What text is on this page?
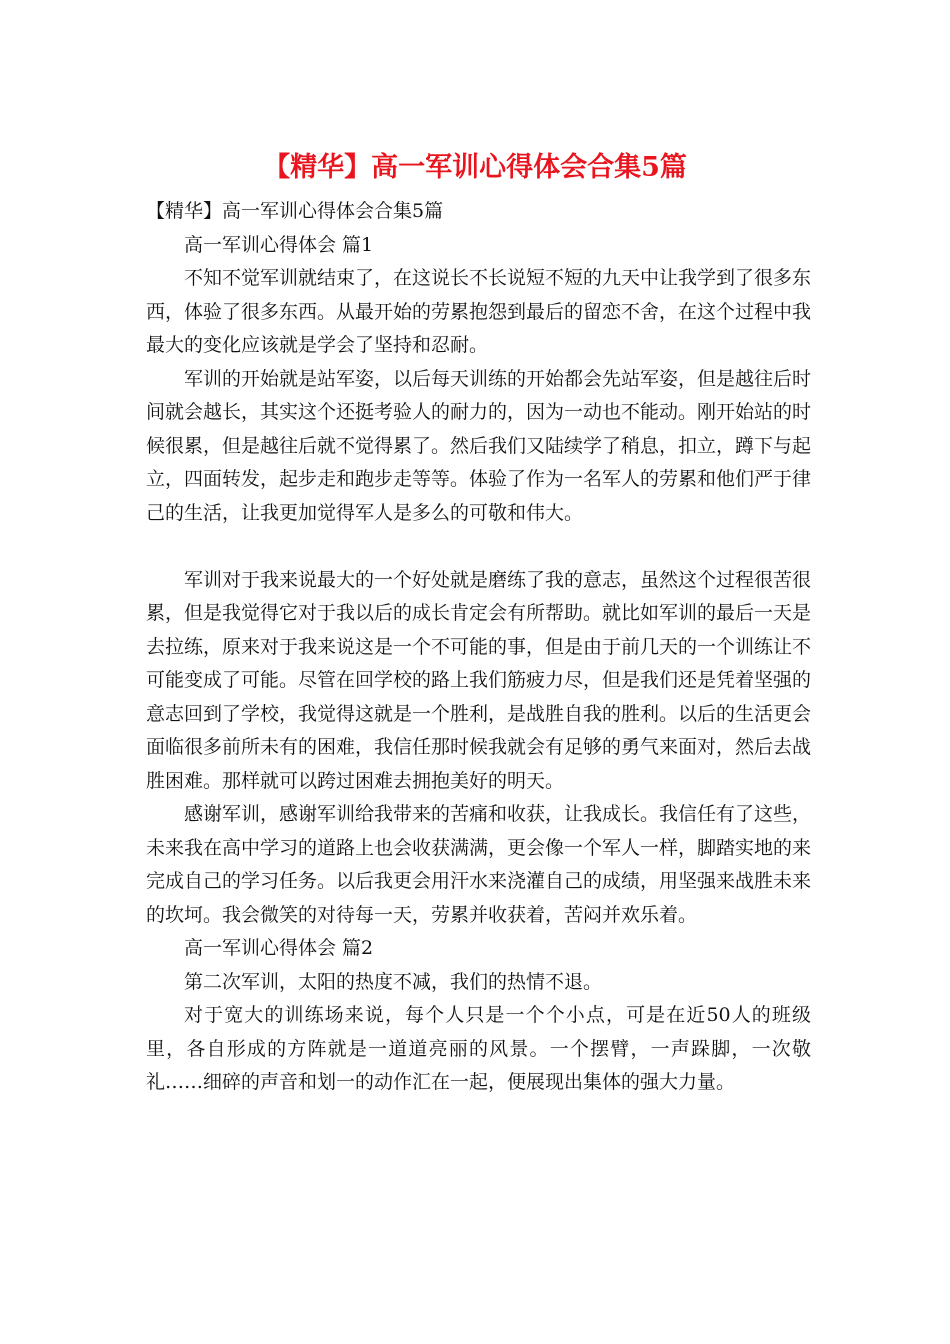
【精华】高一军训心得体会合集5篇

【精华】高一军训心得体会合集5篇

高一军训心得体会 篇1

不知不觉军训就结束了，在这说长不长说短不短的九天中让我学到了很多东西，体验了很多东西。从最开始的劳累抱怨到最后的留恋不舍，在这个过程中我最大的变化应该就是学会了坚持和忍耐。

军训的开始就是站军姿，以后每天训练的开始都会先站军姿，但是越往后时间就会越长，其实这个还挺考验人的耐力的，因为一动也不能动。刚开始站的时候很累，但是越往后就不觉得累了。然后我们又陆续学了稍息，扣立，蹲下与起立，四面转发，起步走和跑步走等等。体验了作为一名军人的劳累和他们严于律己的生活，让我更加觉得军人是多么的可敬和伟大。

军训对于我来说最大的一个好处就是磨练了我的意志，虽然这个过程很苦很累，但是我觉得它对于我以后的成长肯定会有所帮助。就比如军训的最后一天是去拉练，原来对于我来说这是一个不可能的事，但是由于前几天的一个训练让不可能变成了可能。尽管在回学校的路上我们筋疲力尽，但是我们还是凭着坚强的意志回到了学校，我觉得这就是一个胜利，是战胜自我的胜利。以后的生活更会面临很多前所未有的困难，我信任那时候我就会有足够的勇气来面对，然后去战胜困难。那样就可以跨过困难去拥抱美好的明天。

感谢军训，感谢军训给我带来的苦痛和收获，让我成长。我信任有了这些，未来我在高中学习的道路上也会收获满满，更会像一个军人一样，脚踏实地的来完成自己的学习任务。以后我更会用汗水来浇灌自己的成绩，用坚强来战胜未来的坎坷。我会微笑的对待每一天，劳累并收获着，苦闷并欢乐着。

高一军训心得体会 篇2

第二次军训，太阳的热度不减，我们的热情不退。

对于宽大的训练场来说，每个人只是一个个小点，可是在近50人的班级里，各自形成的方阵就是一道道亮丽的风景。一个摆臂，一声跺脚，一次敬礼……细碎的声音和划一的动作汇在一起，便展现出集体的强大力量。
